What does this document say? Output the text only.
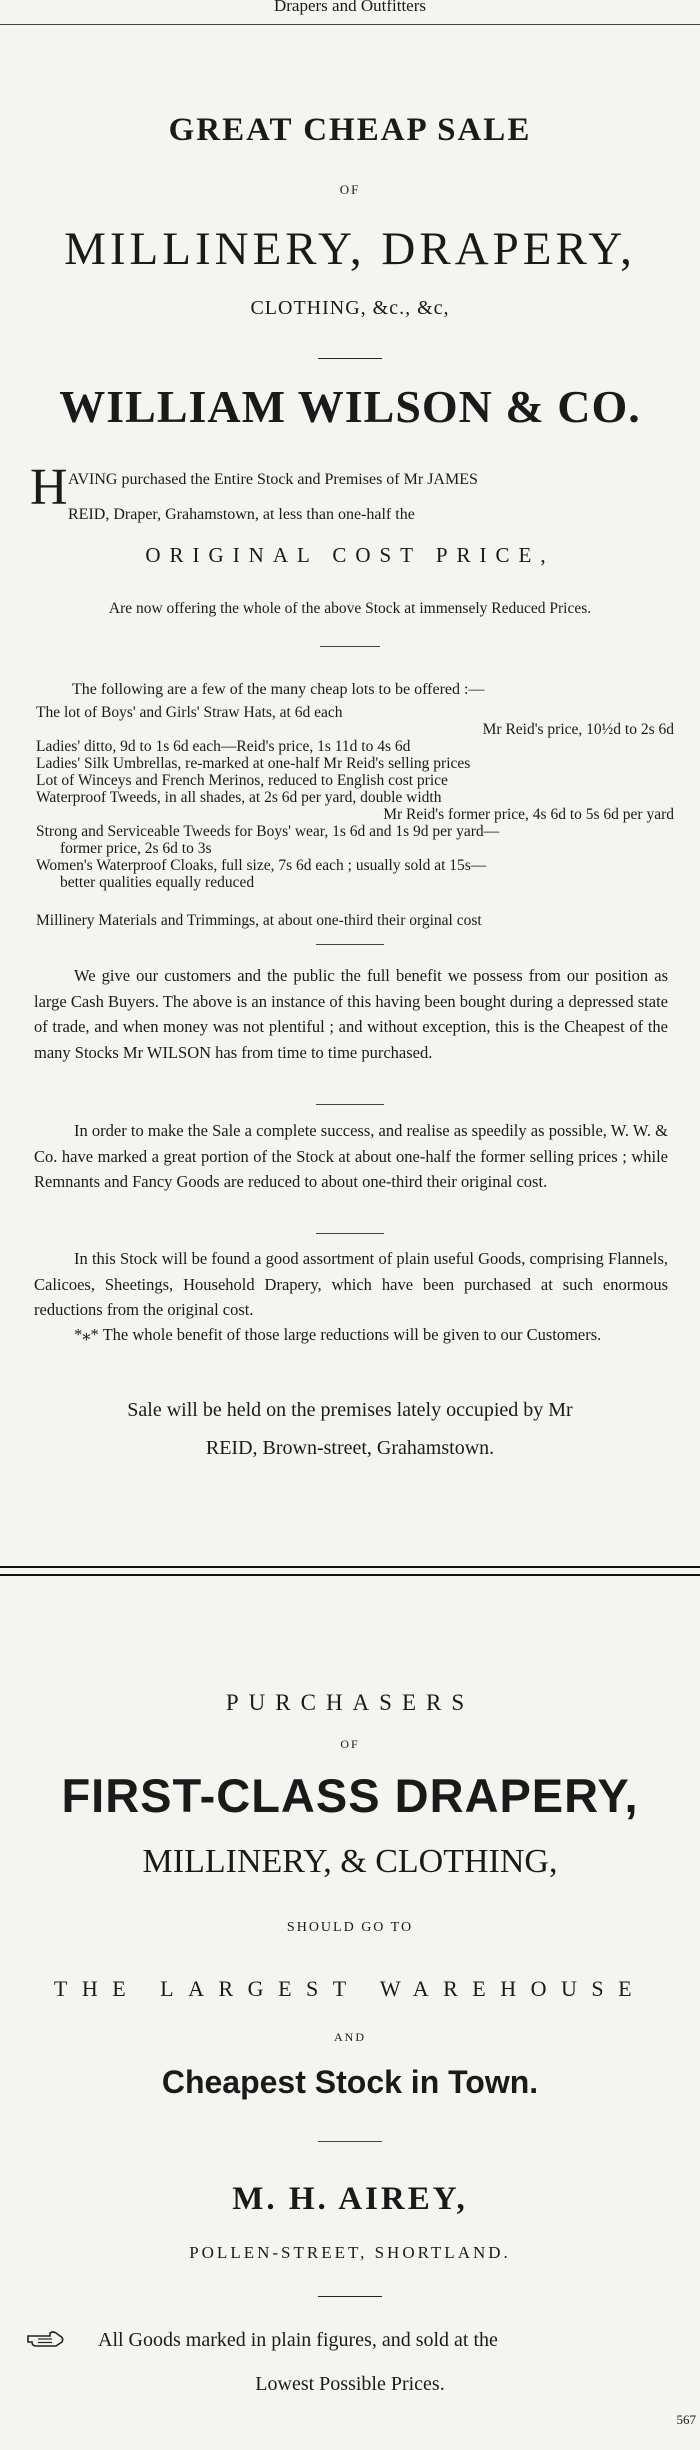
Drapers and Outfitters
GREAT CHEAP SALE
OF
MILLINERY, DRAPERY,
CLOTHING, &c., &c,
WILLIAM WILSON & CO.
H AVING purchased the Entire Stock and Premises of Mr JAMES
REID, Draper, Grahamstown, at less than one-half the
ORIGINAL COST PRICE,
Are now offering the whole of the above Stock at immensely Reduced Prices.
The following are a few of the many cheap lots to be offered :—
The lot of Boys' and Girls' Straw Hats, at 6d each
Mr Reid's price, 10½d to 2s 6d
Ladies' ditto, 9d to 1s 6d each—Reid's price, 1s 11d to 4s 6d
Ladies' Silk Umbrellas, re-marked at one-half Mr Reid's selling prices
Lot of Winceys and French Merinos, reduced to English cost price
Waterproof Tweeds, in all shades, at 2s 6d per yard, double width
Mr Reid's former price, 4s 6d to 5s 6d per yard
Strong and Serviceable Tweeds for Boys' wear, 1s 6d and 1s 9d per yard—
former price, 2s 6d to 3s
Women's Waterproof Cloaks, full size, 7s 6d each ; usually sold at 15s—
better qualities equally reduced
Millinery Materials and Trimmings, at about one-third their orginal cost

We give our customers and the public the full benefit we possess from our position as large Cash Buyers. The above is an instance of this having been bought during a depressed state of trade, and when money was not plentiful ; and without exception, this is the Cheapest of the many Stocks Mr WILSON has from time to time purchased.

In order to make the Sale a complete success, and realise as speedily as possible, W. W. & Co. have marked a great portion of the Stock at about one-half the former selling prices ; while Remnants and Fancy Goods are reduced to about one-third their original cost.

In this Stock will be found a good assortment of plain useful Goods, comprising Flannels, Calicoes, Sheetings, Household Drapery, which have been purchased at such enormous reductions from the original cost.

*⁎* The whole benefit of those large reductions will be given to our Customers.

Sale will be held on the premises lately occupied by Mr
REID, Brown-street, Grahamstown.
PURCHASERS
OF
FIRST-CLASS DRAPERY,
MILLINERY, & CLOTHING,
SHOULD GO TO
THE LARGEST WAREHOUSE
AND
Cheapest Stock in Town.
M. H. AIREY,
POLLEN-STREET, SHORTLAND.
All Goods marked in plain figures, and sold at the
Lowest Possible Prices.
567
